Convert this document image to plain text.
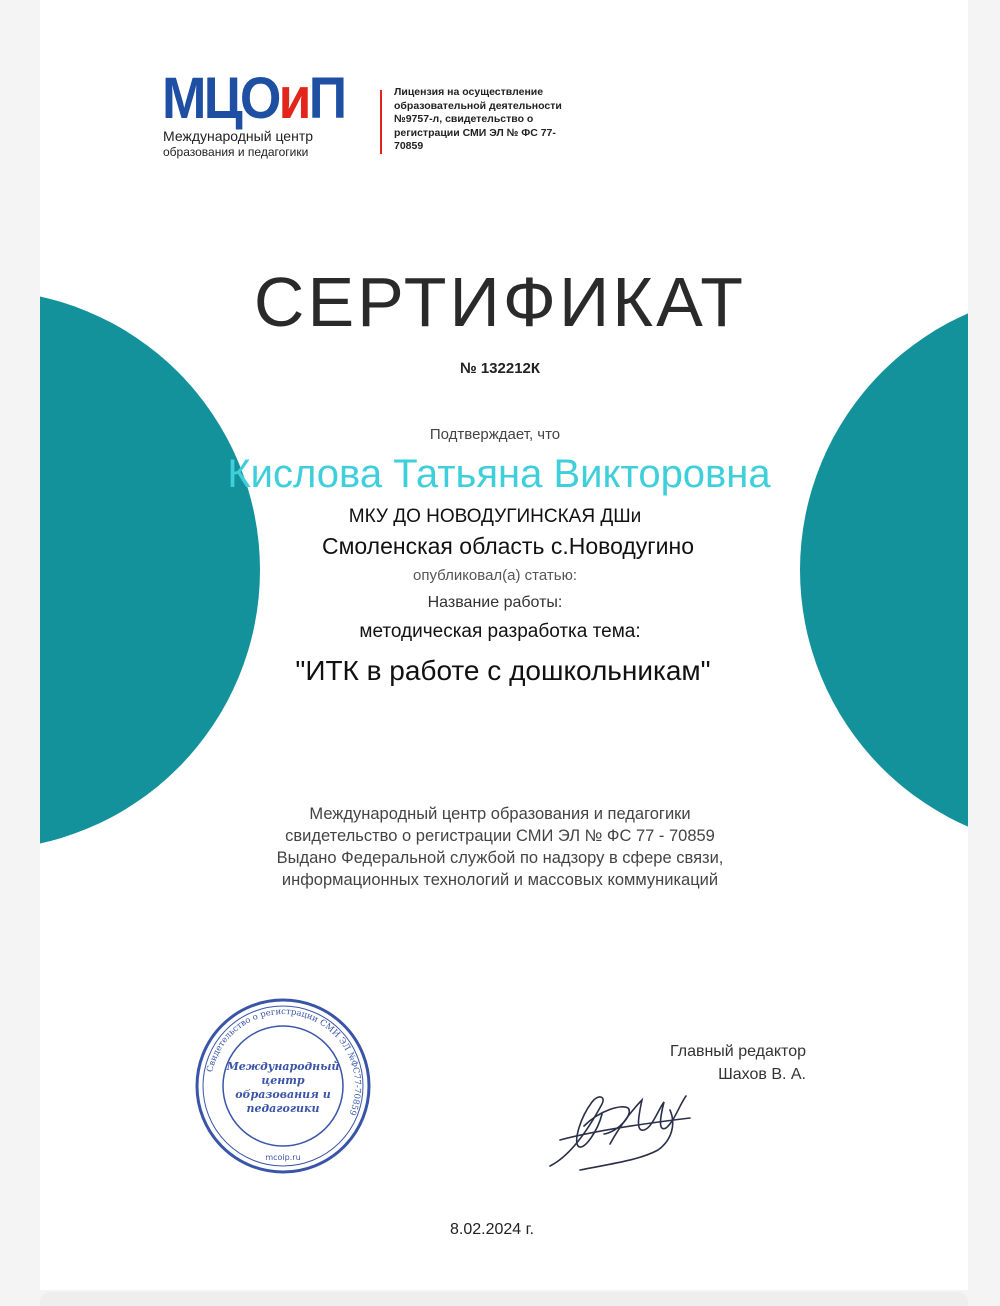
МЦОиП
Международный центр
образования и педагогики
Лицензия на осуществление образовательной деятельности №9757-л, свидетельство о регистрации СМИ ЭЛ № ФС 77-70859
СЕРТИФИКАТ
№ 132212К
Подтверждает, что
Кислова Татьяна Викторовна
МКУ ДО НОВОДУГИНСКАЯ ДШи
Смоленская область с.Новодугино
опубликовал(а) статью:
Название работы:
методическая разработка тема:
"ИТК в работе с дошкольникам"
Международный центр образования и педагогики
свидетельство о регистрации СМИ ЭЛ № ФС 77 - 70859
Выдано Федеральной службой по надзору в сфере связи,
информационных технологий и массовых коммуникаций
Свидетельство о регистрации СМИ ЭЛ №ФС77-70859
Международный
центр
образования и
педагогики
mcoip.ru
Главный редактор
Шахов В. А.
8.02.2024 г.
